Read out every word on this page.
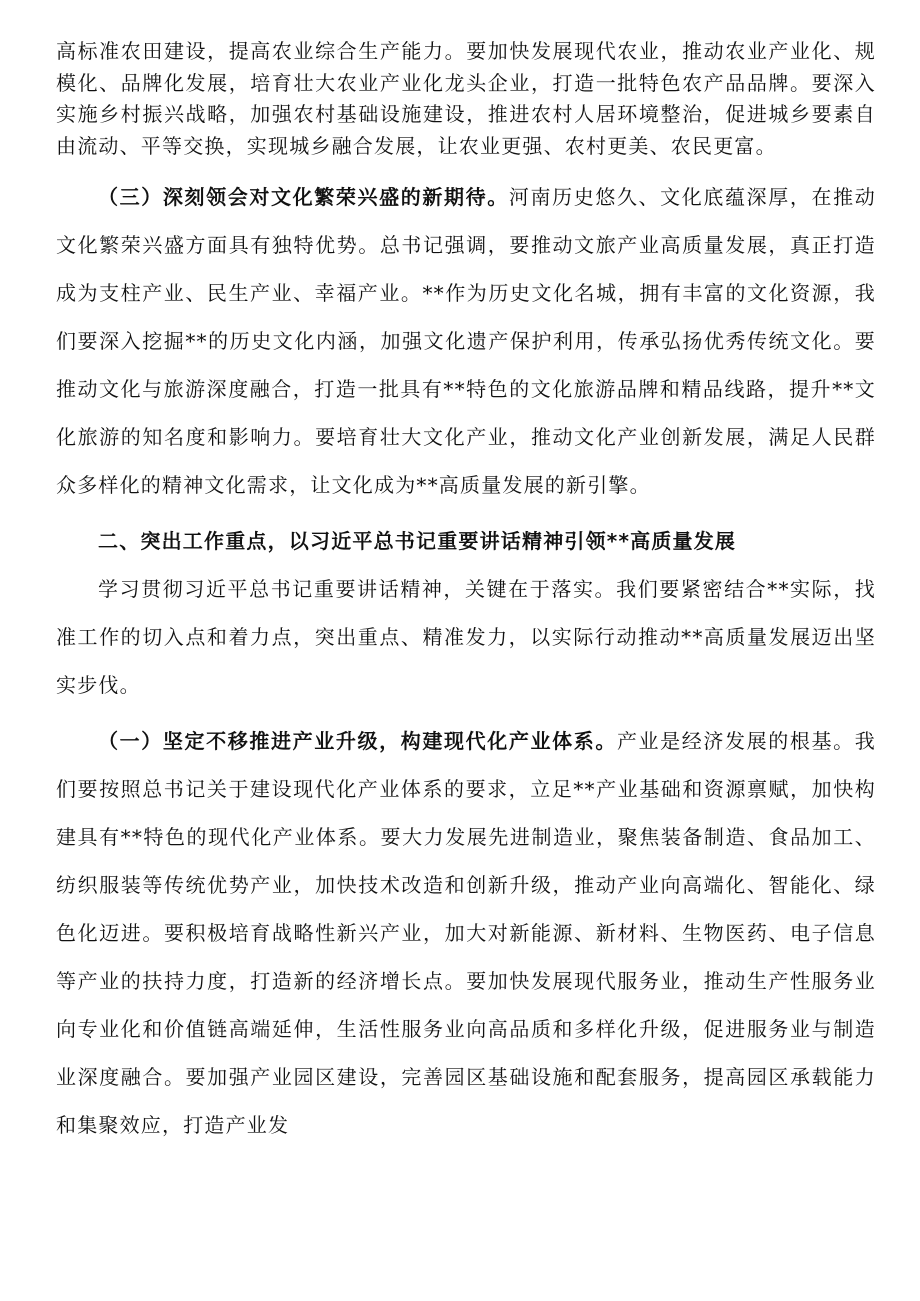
高标准农田建设，提高农业综合生产能力。要加快发展现代农业，推动农业产业化、规模化、品牌化发展，培育壮大农业产业化龙头企业，打造一批特色农产品品牌。要深入实施乡村振兴战略，加强农村基础设施建设，推进农村人居环境整治，促进城乡要素自由流动、平等交换，实现城乡融合发展，让农业更强、农村更美、农民更富。

（三）深刻领会对文化繁荣兴盛的新期待。河南历史悠久、文化底蕴深厚，在推动文化繁荣兴盛方面具有独特优势。总书记强调，要推动文旅产业高质量发展，真正打造成为支柱产业、民生产业、幸福产业。**作为历史文化名城，拥有丰富的文化资源，我们要深入挖掘**的历史文化内涵，加强文化遗产保护利用，传承弘扬优秀传统文化。要推动文化与旅游深度融合，打造一批具有**特色的文化旅游品牌和精品线路，提升**文化旅游的知名度和影响力。要培育壮大文化产业，推动文化产业创新发展，满足人民群众多样化的精神文化需求，让文化成为**高质量发展的新引擎。

二、突出工作重点，以习近平总书记重要讲话精神引领**高质量发展

学习贯彻习近平总书记重要讲话精神，关键在于落实。我们要紧密结合**实际，找准工作的切入点和着力点，突出重点、精准发力，以实际行动推动**高质量发展迈出坚实步伐。

（一）坚定不移推进产业升级，构建现代化产业体系。产业是经济发展的根基。我们要按照总书记关于建设现代化产业体系的要求，立足**产业基础和资源禀赋，加快构建具有**特色的现代化产业体系。要大力发展先进制造业，聚焦装备制造、食品加工、纺织服装等传统优势产业，加快技术改造和创新升级，推动产业向高端化、智能化、绿色化迈进。要积极培育战略性新兴产业，加大对新能源、新材料、生物医药、电子信息等产业的扶持力度，打造新的经济增长点。要加快发展现代服务业，推动生产性服务业向专业化和价值链高端延伸，生活性服务业向高品质和多样化升级，促进服务业与制造业深度融合。要加强产业园区建设，完善园区基础设施和配套服务，提高园区承载能力和集聚效应，打造产业发
